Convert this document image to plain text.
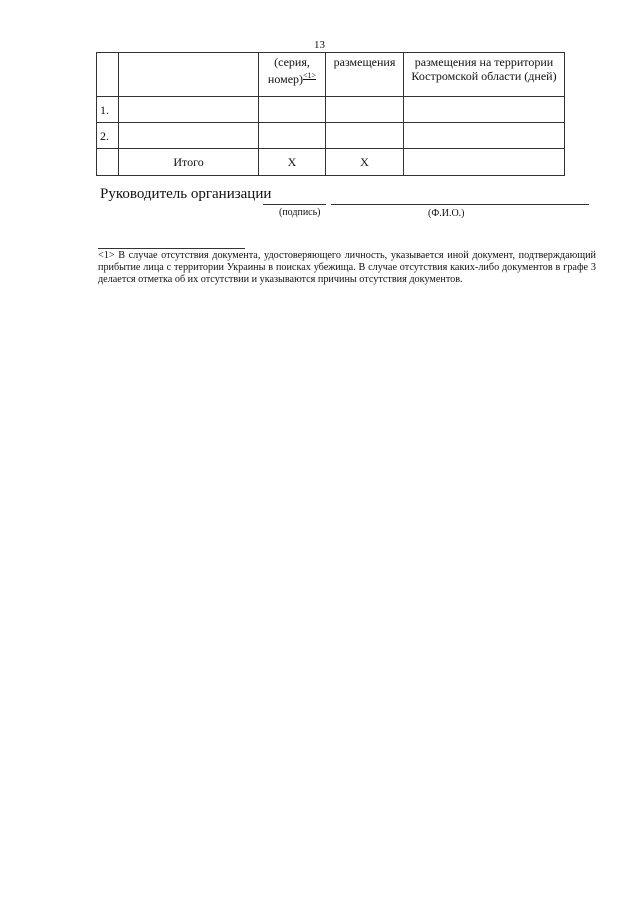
13
		(серия, номер)$^{<1>}$	размещения	размещения на территории Костромской области (дней)
1.				
2.				
	Итого	X	X	
Руководитель организации
(подпись)	(Ф.И.О.)
<1> В случае отсутствия документа, удостоверяющего личность, указывается иной документ, подтверждающий прибытие лица с территории Украины в поисках убежища. В случае отсутствия каких-либо документов в графе 3 делается отметка об их отсутствии и указываются причины отсутствия документов.
